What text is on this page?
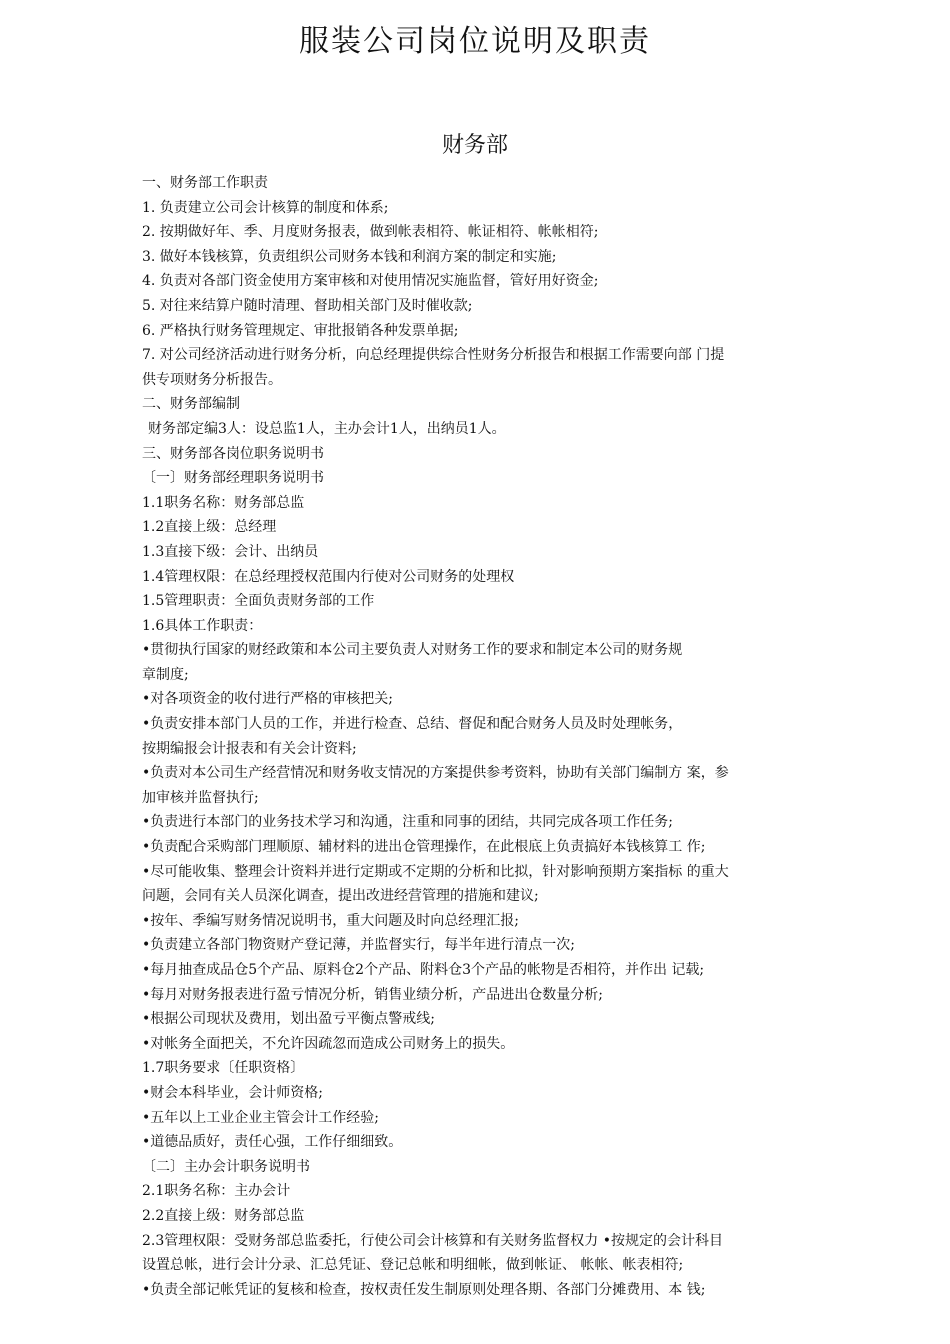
服装公司岗位说明及职责
财务部
一、财务部工作职责
1. 负责建立公司会计核算的制度和体系;
2. 按期做好年、季、月度财务报表，做到帐表相符、帐证相符、帐帐相符;
3. 做好本钱核算，负责组织公司财务本钱和利润方案的制定和实施;
4. 负责对各部门资金使用方案审核和对使用情况实施监督，管好用好资金;
5. 对往来结算户随时清理、督助相关部门及时催收款;
6. 严格执行财务管理规定、审批报销各种发票单据;
7. 对公司经济活动进行财务分析，向总经理提供综合性财务分析报告和根据工作需要向部 门提
供专项财务分析报告。
二、财务部编制
财务部定编3人：设总监1人，主办会计1人，出纳员1人。
三、财务部各岗位职务说明书
〔一〕财务部经理职务说明书
1.1职务名称：财务部总监
1.2直接上级：总经理
1.3直接下级：会计、出纳员
1.4管理权限：在总经理授权范围内行使对公司财务的处理权
1.5管理职责：全面负责财务部的工作
1.6具体工作职责：
•贯彻执行国家的财经政策和本公司主要负责人对财务工作的要求和制定本公司的财务规
章制度;
•对各项资金的收付进行严格的审核把关;
•负责安排本部门人员的工作，并进行检查、总结、督促和配合财务人员及时处理帐务，
按期编报会计报表和有关会计资料;
•负责对本公司生产经营情况和财务收支情况的方案提供参考资料，协助有关部门编制方 案，参
加审核并监督执行;
•负责进行本部门的业务技术学习和沟通，注重和同事的团结，共同完成各项工作任务;
•负责配合采购部门理顺原、辅材料的进出仓管理操作，在此根底上负责搞好本钱核算工 作;
•尽可能收集、整理会计资料并进行定期或不定期的分析和比拟，针对影响预期方案指标 的重大
问题，会同有关人员深化调查，提出改进经营管理的措施和建议;
•按年、季编写财务情况说明书，重大问题及时向总经理汇报;
•负责建立各部门物资财产登记薄，并监督实行，每半年进行清点一次;
•每月抽查成品仓5个产品、原料仓2个产品、附料仓3个产品的帐物是否相符，并作出 记载;
•每月对财务报表进行盈亏情况分析，销售业绩分析，产品进出仓数量分析;
•根据公司现状及费用，划出盈亏平衡点警戒线;
•对帐务全面把关，不允许因疏忽而造成公司财务上的损失。
1.7职务要求〔任职资格〕
•财会本科毕业，会计师资格;
•五年以上工业企业主管会计工作经验;
•道德品质好，责任心强，工作仔细细致。
〔二〕主办会计职务说明书
2.1职务名称：主办会计
2.2直接上级：财务部总监
2.3管理权限：受财务部总监委托，行使公司会计核算和有关财务监督权力 •按规定的会计科目
设置总帐，进行会计分录、汇总凭证、登记总帐和明细帐，做到帐证、 帐帐、帐表相符;
•负责全部记帐凭证的复核和检查，按权责任发生制原则处理各期、各部门分摊费用、本 钱;
